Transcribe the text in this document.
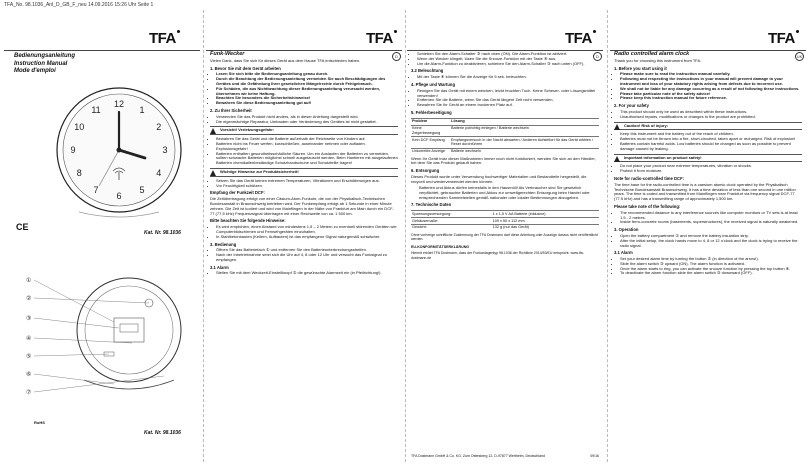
TFA_No. 98.1036_Anl_D_GB_F_neu 14.09.2016 15:26 Uhr Seite 1
TFA
Bedienungsanleitung
Instruction Manual
Mode d'emploi
12
1
2
3
4
5
6
7
8
9
10
11
CE
Kat. Nr. 98.1036
①
②
③
④
⑤
⑥
⑦
RoHS
Kat. Nr. 98.1036
TFA
D
Funk-Wecker

Vielen Dank, dass Sie sich für dieses Gerät aus dem Hause TFA entschieden haben.

1. Bevor Sie mit dem Gerät arbeiten
• Lesen Sie sich bitte die Bedienungsanleitung genau durch.
• Durch die Beachtung der Bedienungsanleitung vermeiden Sie auch Beschädigungen des Gerätes und die Gefährdung Ihrer gesetzlichen Mängelrechte durch Fehlgebrauch.
• Für Schäden, die aus Nichtbeachtung dieser Bedienungsanleitung verursacht werden, übernehmen wir keine Haftung.
• Beachten Sie besonders die Sicherheitshinweise!
• Bewahren Sie diese Bedienungsanleitung gut auf!
2. Zu Ihrer Sicherheit
• Verwenden Sie das Produkt nicht anders, als in dieser Anleitung dargestellt wird.
• Die eigenmächtige Reparatur, Umbauten oder Veränderung des Gerätes ist nicht gestattet.
Vorsicht! Verletzungsgefahr:
• Bewahren Sie das Gerät und die Batterie außerhalb der Reichweite von Kindern auf.
• Batterien nicht ins Feuer werfen, kurzschließen, auseinander nehmen oder aufladen. Explosionsgefahr!
• Batterien enthalten gesundheitsschädliche Säuren. Um ein Auslaufen der Batterien zu vermeiden, sollten schwache Batterien möglichst schnell ausgetauscht werden. Beim Hantieren mit ausgelaufenen Batterien chemikalienbeständige Schutzhandschuhe und Schutzbrille tragen!
Wichtige Hinweise zur Produktsicherheit!
• Setzen Sie das Gerät keinen extremen Temperaturen, Vibrationen und Erschütterungen aus.
• Vor Feuchtigkeit schützen.
Empfang der Funkzeit DCF:

Die Zeitübertragung erfolgt von einer Cäsium-Atom-Funkuhr, die von der Physikalisch-Technischen Bundesanstalt in Braunschweig betrieben wird. Der Funkempfang erfolgt ab 1 Sekunde in einer Minute zehnen. Die Zeit ist kodiert und wird von Mainflingen in der Nähe von Frankfurt am Main durch ein DCF-77 (77,5 kHz) Frequenzsignal übertragen mit einer Reichweite von ca. 1 500 km.

Bitte beachten Sie folgende Hinweise:
• Es wird empfohlen, einen Abstand von mindestens 1,5 – 2 Metern zu eventuell störenden Geräten wie Computerbildschirmen und Fernsehgeräten einzuhalten.
• In Stahlbetonbauten (Kellern, Aufbauten) ist das empfangene Signal naturgemäß schwächer.
3. Bedienung
• Öffnen Sie das Batteriefach ① und entfernen Sie den Batterieunterbrechungsstreifen.
• Nach der Inbetriebnahme setzt sich die Uhr auf 4, 8 oder 12 Uhr und versucht das Funksignal zu empfangen.
3.1 Alarm
• Stellen Sie mit dem Weckzeit-Einstellknopf ② die gewünschte Alarmzeit ein (in Pfeilrichtung!).
TFA
D
• Schieben Sie den Alarm-Schalter ③ nach oben (ON). Die Alarm-Funktion ist aktiviert.
• Wenn der Wecker klingelt, lösen Sie die Snooze-Funktion mit der Taste ④ aus.
• Um die Alarm-Funktion zu deaktivieren, schieben Sie den Alarm-Schalter ③ nach unten (OFF).
3.2 Beleuchtung
• Mit der Taste ④ können Sie die Anzeige für 5 sek. beleuchten.
4. Pflege und Wartung
• Reinigen Sie das Gerät mit einem weichen, leicht feuchten Tuch. Keine Scheuer- oder Lösungsmittel verwenden!
• Entfernen Sie die Batterie, wenn Sie das Gerät längere Zeit nicht verwenden.
• Bewahren Sie Ihr Gerät an einem trockenen Platz auf.
5. Fehlerbeseitigung
Problem	Lösung
Keine Zeigerbewegung	Batterie polrichtig einlegen / Batterie wechseln
Kein DCF Empfang	Empfangsversuch in der Nacht abwarten / Anderen Aufstellort für das Gerät wählen / Reset durchführen
Unkorrekte Anzeige	Batterie wechseln

Wenn Ihr Gerät trotz dieser Maßnahmen immer noch nicht funktioniert, wenden Sie sich an den Händler, bei dem Sie das Produkt gekauft haben.

6. Entsorgung

Dieses Produkt wurde unter Verwendung hochwertiger Materialien und Bestandteile hergestellt, die recycelt und wiederverwendet werden können.

Batterien und Akkus dürfen keinesfalls in den Hausmüll! Als Verbraucher sind Sie gesetzlich verpflichtet, gebrauchte Batterien und Akkus zur umweltgerechten Entsorgung beim Handel oder entsprechenden Sammelstellen gemäß nationaler oder lokaler Bestimmungen abzugeben.

7. Technische Daten
Spannungsversorgung:	1 x 1,5 V AA Batterie (inklusive)
Gehäusemaße:	109 x 50 x 112 mm
Gewicht:	132 g (nur das Gerät)

Ohne vorherige schriftliche Zustimmung der TFA Dostmann darf diese Anleitung oder Auszüge daraus nicht veröffentlicht werden.

EU-KONFORMITÄTSERKLÄRUNG

Hiermit erklärt TFA Dostmann, dass der Funkanlagentyp 98.1036 der Richtlinie 2014/53/EU entspricht. www.tfa-dostmann.de

TFA Dostmann GmbH & Co. KG, Zum Ottersberg 12, D-97877 Wertheim, Deutschland	09/16
TFA
UK
Radio controlled alarm clock

Thank you for choosing this instrument from TFA.

1. Before you start using it
• Please make sure to read the instruction manual carefully.
• Following and respecting the instructions in your manual will prevent damage to your instrument and loss of your statutory rights arising from defects due to incorrect use.
• We shall not be liable for any damage occurring as a result of not following these instructions.
• Please take particular note of the safety advice!
• Please keep this instruction manual for future reference.
2. For your safety
• This product should only be used as described within these instructions.
• Unauthorised repairs, modifications or changes to the product are prohibited.
Caution! Risk of injury:
• Keep this instrument and the battery out of the reach of children.
• Batteries must not be thrown into a fire, short-circuited, taken apart or recharged. Risk of explosion!
• Batteries contain harmful acids. Low batteries should be changed as soon as possible to prevent damage caused by leaking.
Important information on product safety!
• Do not place your product near extreme temperatures, vibration or shocks.
• Protect it from moisture.
Note for radio-controlled time DCF:

The time base for the radio-controlled time is a caesium atomic clock operated by the Physikalisch Technische Bundesanstalt Braunschweig. It has a time deviation of less than one second in one million years. The time is coded and transmitted from Mainflingen near Frankfurt via frequency signal DCF-77 (77.5 kHz) and has a transmitting range of approximately 1,500 km.

Please take note of the following:
• The recommended distance to any interference sources like computer monitors or TV sets is at least 1.5 - 2 metres.
• Inside ferro-concrete rooms (basements, superstructures), the received signal is naturally weakened.
3. Operation
• Open the battery compartment ① and remove the battery insulation strip.
• After the initial setup, the clock hands move to 4, 8 or 12 o'clock and the clock is trying to receive the radio signal.
3.1 Alarm
• Set your desired alarm time by turning the button ② (in direction of the arrow!).
• Slide the alarm switch ③ upward (ON). The alarm function is activated.
• Once the alarm starts to ring, you can activate the snooze function by pressing the top button ④.
• To deactivate the alarm function slide the alarm switch ③ downward (OFF).
